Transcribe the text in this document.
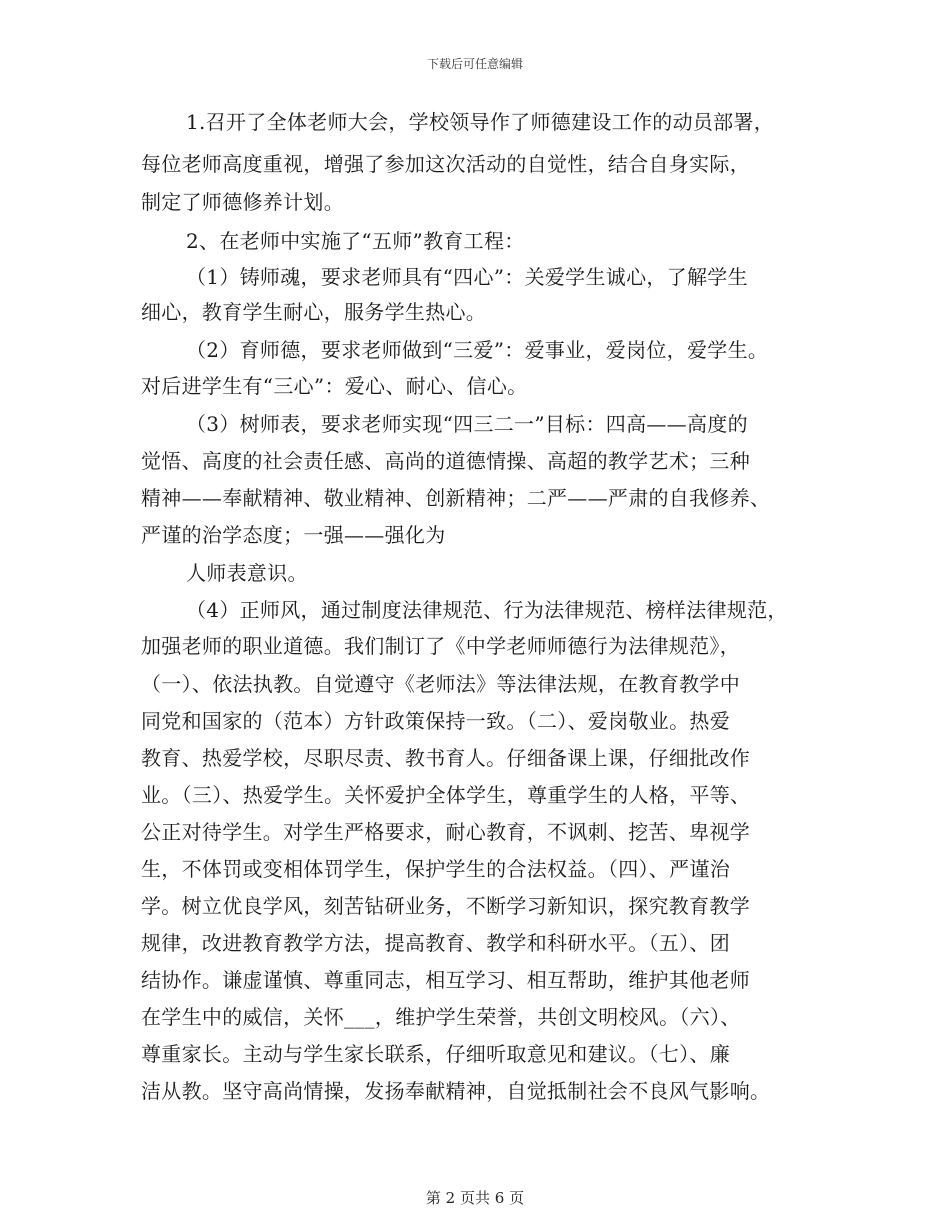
下载后可任意编辑
1.召开了全体老师大会，学校领导作了师德建设工作的动员部署，
每位老师高度重视，增强了参加这次活动的自觉性，结合自身实际，
制定了师德修养计划。
2、在老师中实施了“五师”教育工程：
（1）铸师魂，要求老师具有“四心”：关爱学生诚心，了解学生
细心，教育学生耐心，服务学生热心。
（2）育师德，要求老师做到“三爱”：爱事业，爱岗位，爱学生。
对后进学生有“三心”：爱心、耐心、信心。
（3）树师表，要求老师实现“四三二一”目标：四高——高度的
觉悟、高度的社会责任感、高尚的道德情操、高超的教学艺术；三种
精神——奉献精神、敬业精神、创新精神；二严——严肃的自我修养、
严谨的治学态度；一强——强化为
人师表意识。
（4）正师风，通过制度法律规范、行为法律规范、榜样法律规范，
加强老师的职业道德。我们制订了《中学老师师德行为法律规范》，
（一）、依法执教。自觉遵守《老师法》等法律法规，在教育教学中
同党和国家的（范本）方针政策保持一致。（二）、爱岗敬业。热爱
教育、热爱学校，尽职尽责、教书育人。仔细备课上课，仔细批改作
业。（三）、热爱学生。关怀爱护全体学生，尊重学生的人格，平等、
公正对待学生。对学生严格要求，耐心教育，不讽刺、挖苦、卑视学
生，不体罚或变相体罚学生，保护学生的合法权益。（四）、严谨治
学。树立优良学风，刻苦钻研业务，不断学习新知识，探究教育教学
规律，改进教育教学方法，提高教育、教学和科研水平。（五）、团
结协作。谦虚谨慎、尊重同志，相互学习、相互帮助，维护其他老师
在学生中的威信，关怀___，维护学生荣誉，共创文明校风。（六）、
尊重家长。主动与学生家长联系，仔细听取意见和建议。（七）、廉
洁从教。坚守高尚情操，发扬奉献精神，自觉抵制社会不良风气影响。
第 2 页共 6 页
